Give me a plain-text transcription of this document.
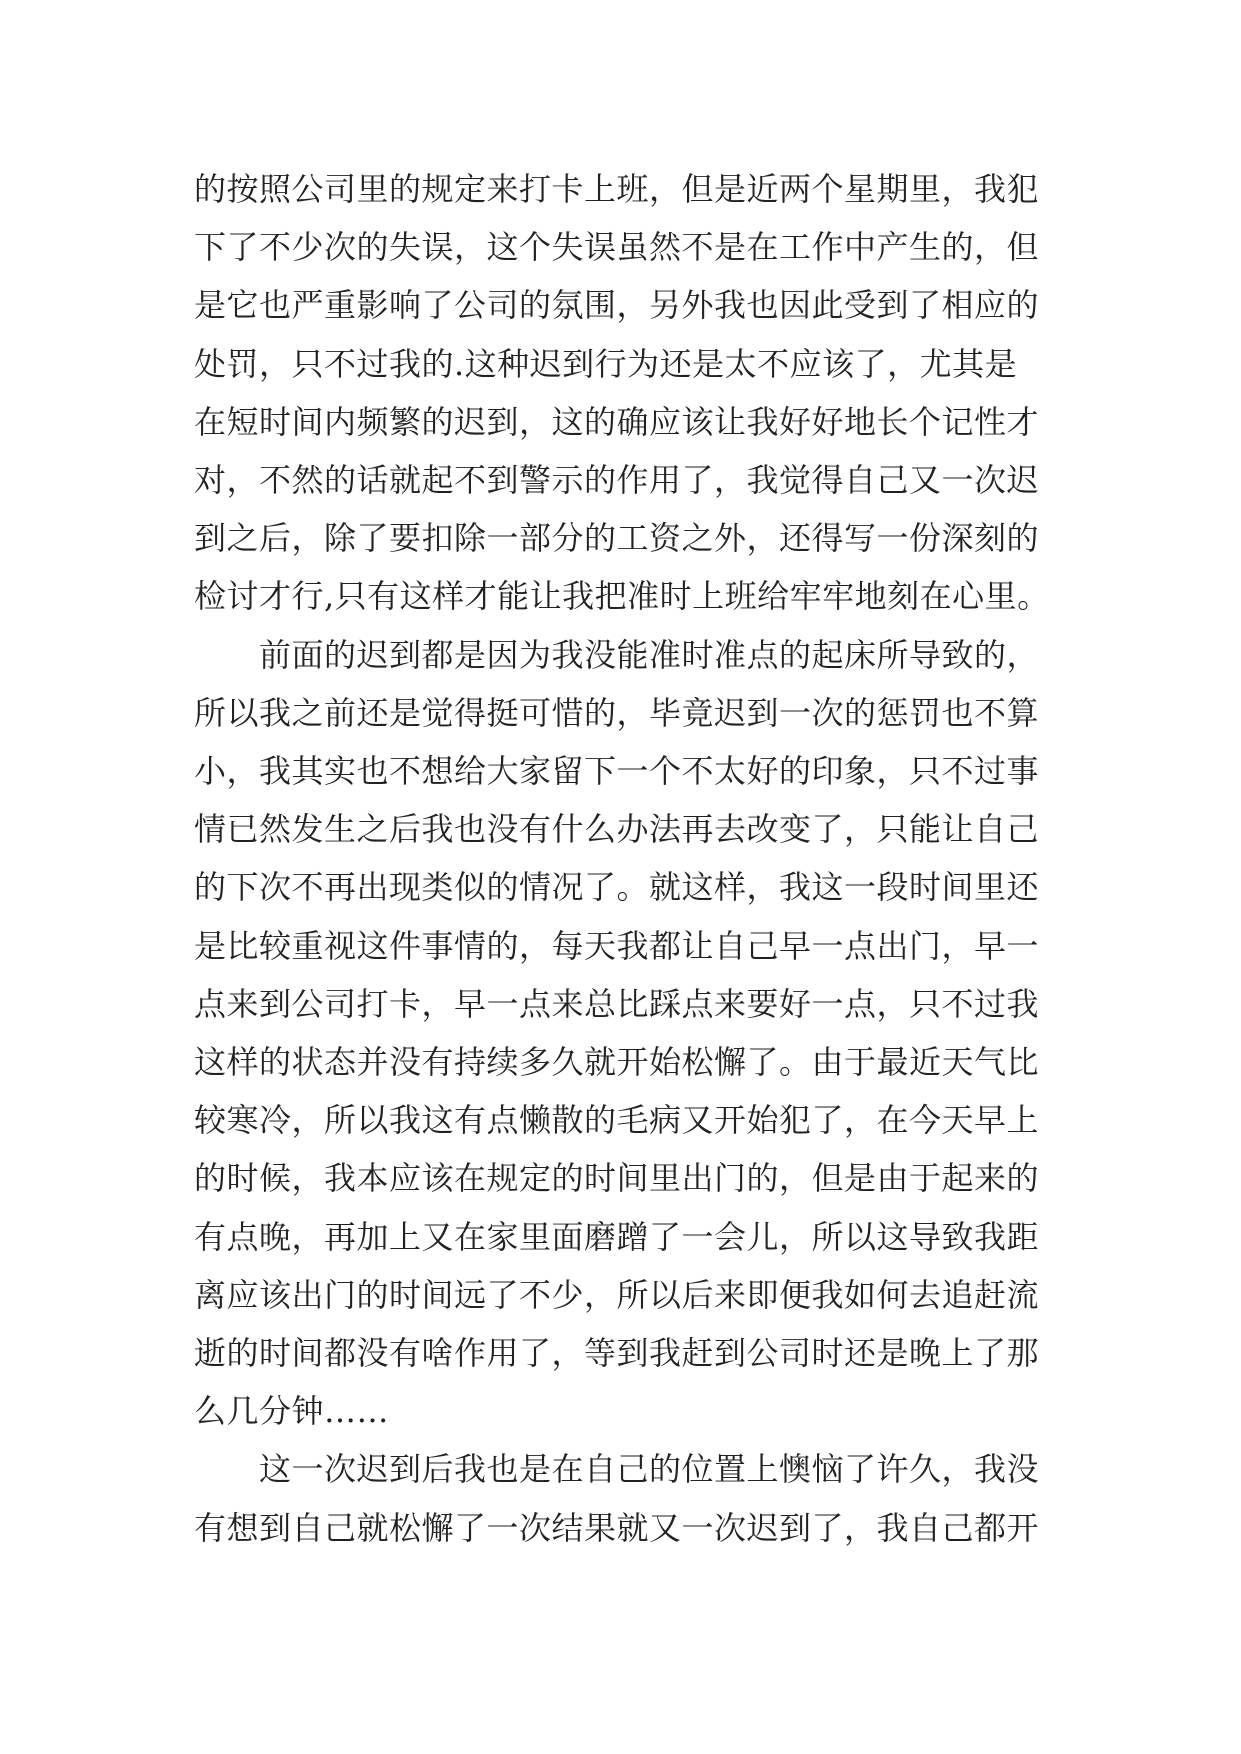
的按照公司里的规定来打卡上班，但是近两个星期里，我犯
下了不少次的失误，这个失误虽然不是在工作中产生的，但
是它也严重影响了公司的氛围，另外我也因此受到了相应的
处罚，只不过我的.这种迟到行为还是太不应该了，尤其是
在短时间内频繁的迟到，这的确应该让我好好地长个记性才
对，不然的话就起不到警示的作用了，我觉得自己又一次迟
到之后，除了要扣除一部分的工资之外，还得写一份深刻的
检讨才行,只有这样才能让我把准时上班给牢牢地刻在心里。
　　前面的迟到都是因为我没能准时准点的起床所导致的，
所以我之前还是觉得挺可惜的，毕竟迟到一次的惩罚也不算
小，我其实也不想给大家留下一个不太好的印象，只不过事
情已然发生之后我也没有什么办法再去改变了，只能让自己
的下次不再出现类似的情况了。就这样，我这一段时间里还
是比较重视这件事情的，每天我都让自己早一点出门，早一
点来到公司打卡，早一点来总比踩点来要好一点，只不过我
这样的状态并没有持续多久就开始松懈了。由于最近天气比
较寒冷，所以我这有点懒散的毛病又开始犯了，在今天早上
的时候，我本应该在规定的时间里出门的，但是由于起来的
有点晚，再加上又在家里面磨蹭了一会儿，所以这导致我距
离应该出门的时间远了不少，所以后来即便我如何去追赶流
逝的时间都没有啥作用了，等到我赶到公司时还是晚上了那
么几分钟……
　　这一次迟到后我也是在自己的位置上懊恼了许久，我没
有想到自己就松懈了一次结果就又一次迟到了，我自己都开
